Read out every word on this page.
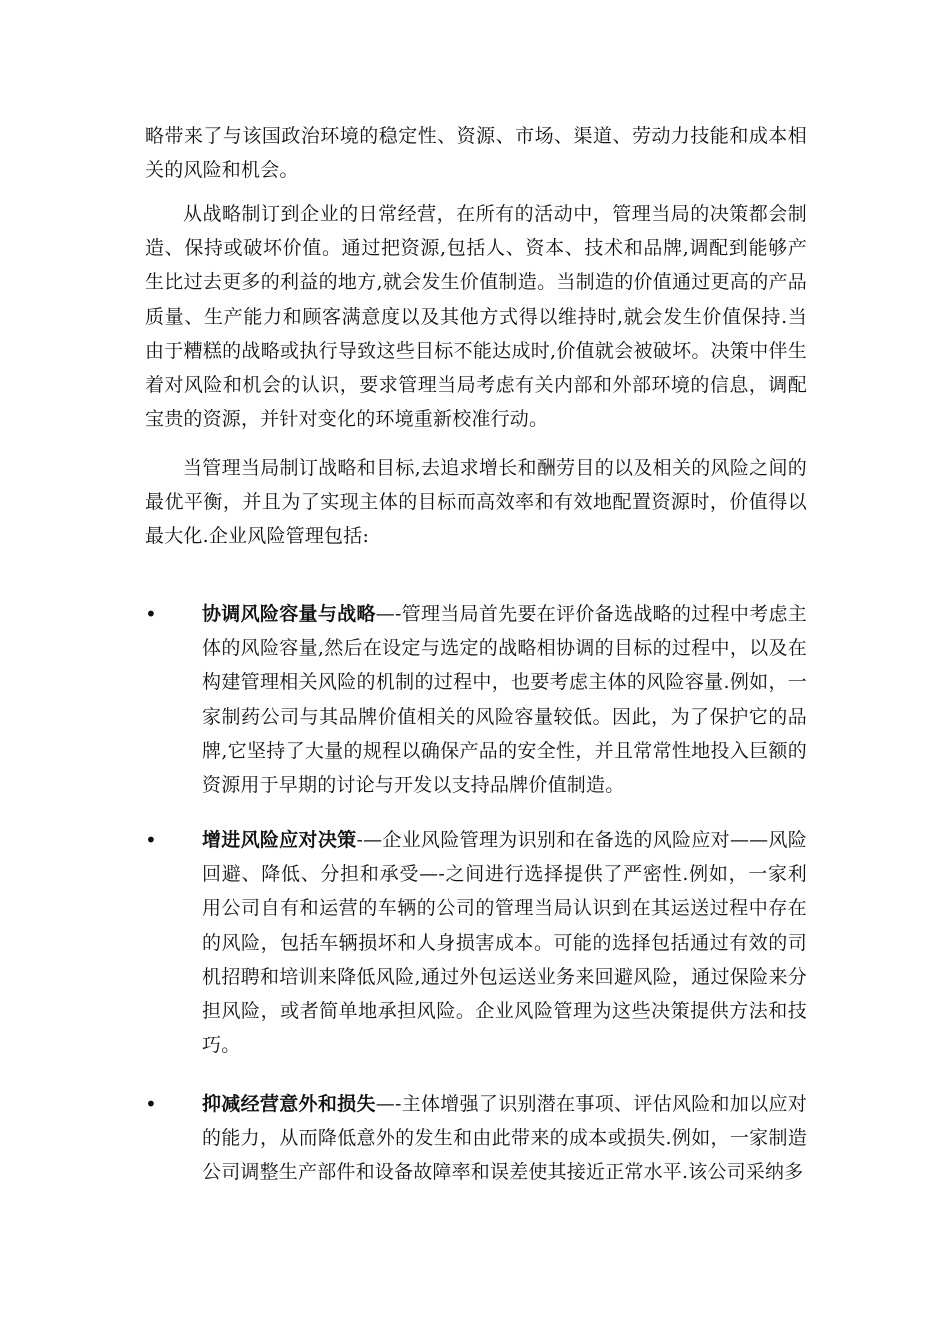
略带来了与该国政治环境的稳定性、资源、市场、渠道、劳动力技能和成本相关的风险和机会。

从战略制订到企业的日常经营，在所有的活动中，管理当局的决策都会制造、保持或破坏价值。通过把资源,包括人、资本、技术和品牌,调配到能够产生比过去更多的利益的地方,就会发生价值制造。当制造的价值通过更高的产品质量、生产能力和顾客满意度以及其他方式得以维持时,就会发生价值保持.当由于糟糕的战略或执行导致这些目标不能达成时,价值就会被破坏。决策中伴生着对风险和机会的认识，要求管理当局考虑有关内部和外部环境的信息，调配宝贵的资源，并针对变化的环境重新校准行动。

当管理当局制订战略和目标,去追求增长和酬劳目的以及相关的风险之间的最优平衡，并且为了实现主体的目标而高效率和有效地配置资源时，价值得以最大化.企业风险管理包括:

• 协调风险容量与战略—-管理当局首先要在评价备选战略的过程中考虑主体的风险容量,然后在设定与选定的战略相协调的目标的过程中，以及在构建管理相关风险的机制的过程中，也要考虑主体的风险容量.例如，一家制药公司与其品牌价值相关的风险容量较低。因此，为了保护它的品牌,它坚持了大量的规程以确保产品的安全性，并且常常性地投入巨额的资源用于早期的讨论与开发以支持品牌价值制造。
• 增进风险应对决策-—企业风险管理为识别和在备选的风险应对——风险回避、降低、分担和承受—-之间进行选择提供了严密性.例如，一家利用公司自有和运营的车辆的公司的管理当局认识到在其运送过程中存在的风险，包括车辆损坏和人身损害成本。可能的选择包括通过有效的司机招聘和培训来降低风险,通过外包运送业务来回避风险，通过保险来分担风险，或者简单地承担风险。企业风险管理为这些决策提供方法和技巧。
• 抑减经营意外和损失—-主体增强了识别潜在事项、评估风险和加以应对的能力，从而降低意外的发生和由此带来的成本或损失.例如，一家制造公司调整生产部件和设备故障率和误差使其接近正常水平.该公司采纳多
